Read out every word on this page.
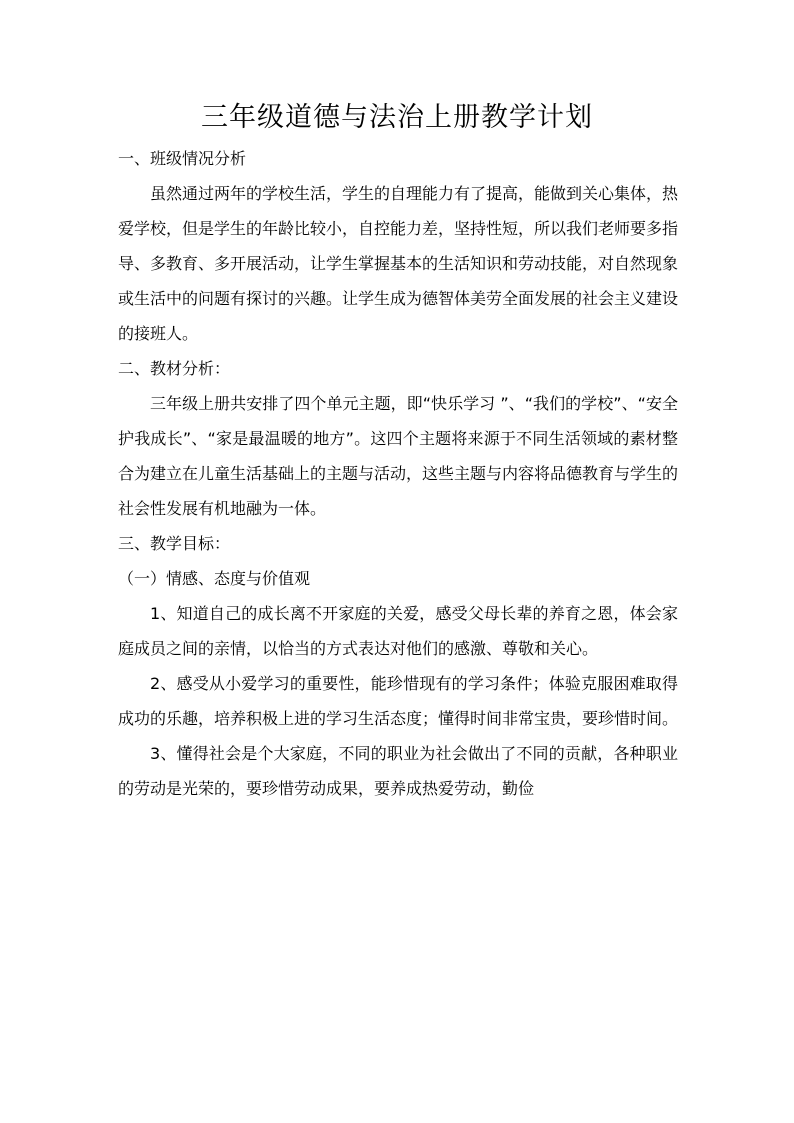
三年级道德与法治上册教学计划
一、班级情况分析

虽然通过两年的学校生活，学生的自理能力有了提高，能做到关心集体，热爱学校，但是学生的年龄比较小，自控能力差，坚持性短，所以我们老师要多指导、多教育、多开展活动，让学生掌握基本的生活知识和劳动技能，对自然现象或生活中的问题有探讨的兴趣。让学生成为德智体美劳全面发展的社会主义建设的接班人。

二、教材分析：

三年级上册共安排了四个单元主题，即“快乐学习 ”、“我们的学校”、“安全护我成长”、“家是最温暖的地方”。这四个主题将来源于不同生活领域的素材整合为建立在儿童生活基础上的主题与活动，这些主题与内容将品德教育与学生的社会性发展有机地融为一体。

三、教学目标：

（一）情感、态度与价值观

1、知道自己的成长离不开家庭的关爱，感受父母长辈的养育之恩，体会家庭成员之间的亲情，以恰当的方式表达对他们的感激、尊敬和关心。

2、感受从小爱学习的重要性，能珍惜现有的学习条件；体验克服困难取得成功的乐趣，培养积极上进的学习生活态度；懂得时间非常宝贵，要珍惜时间。

3、懂得社会是个大家庭，不同的职业为社会做出了不同的贡献，各种职业的劳动是光荣的，要珍惜劳动成果，要养成热爱劳动，勤俭
